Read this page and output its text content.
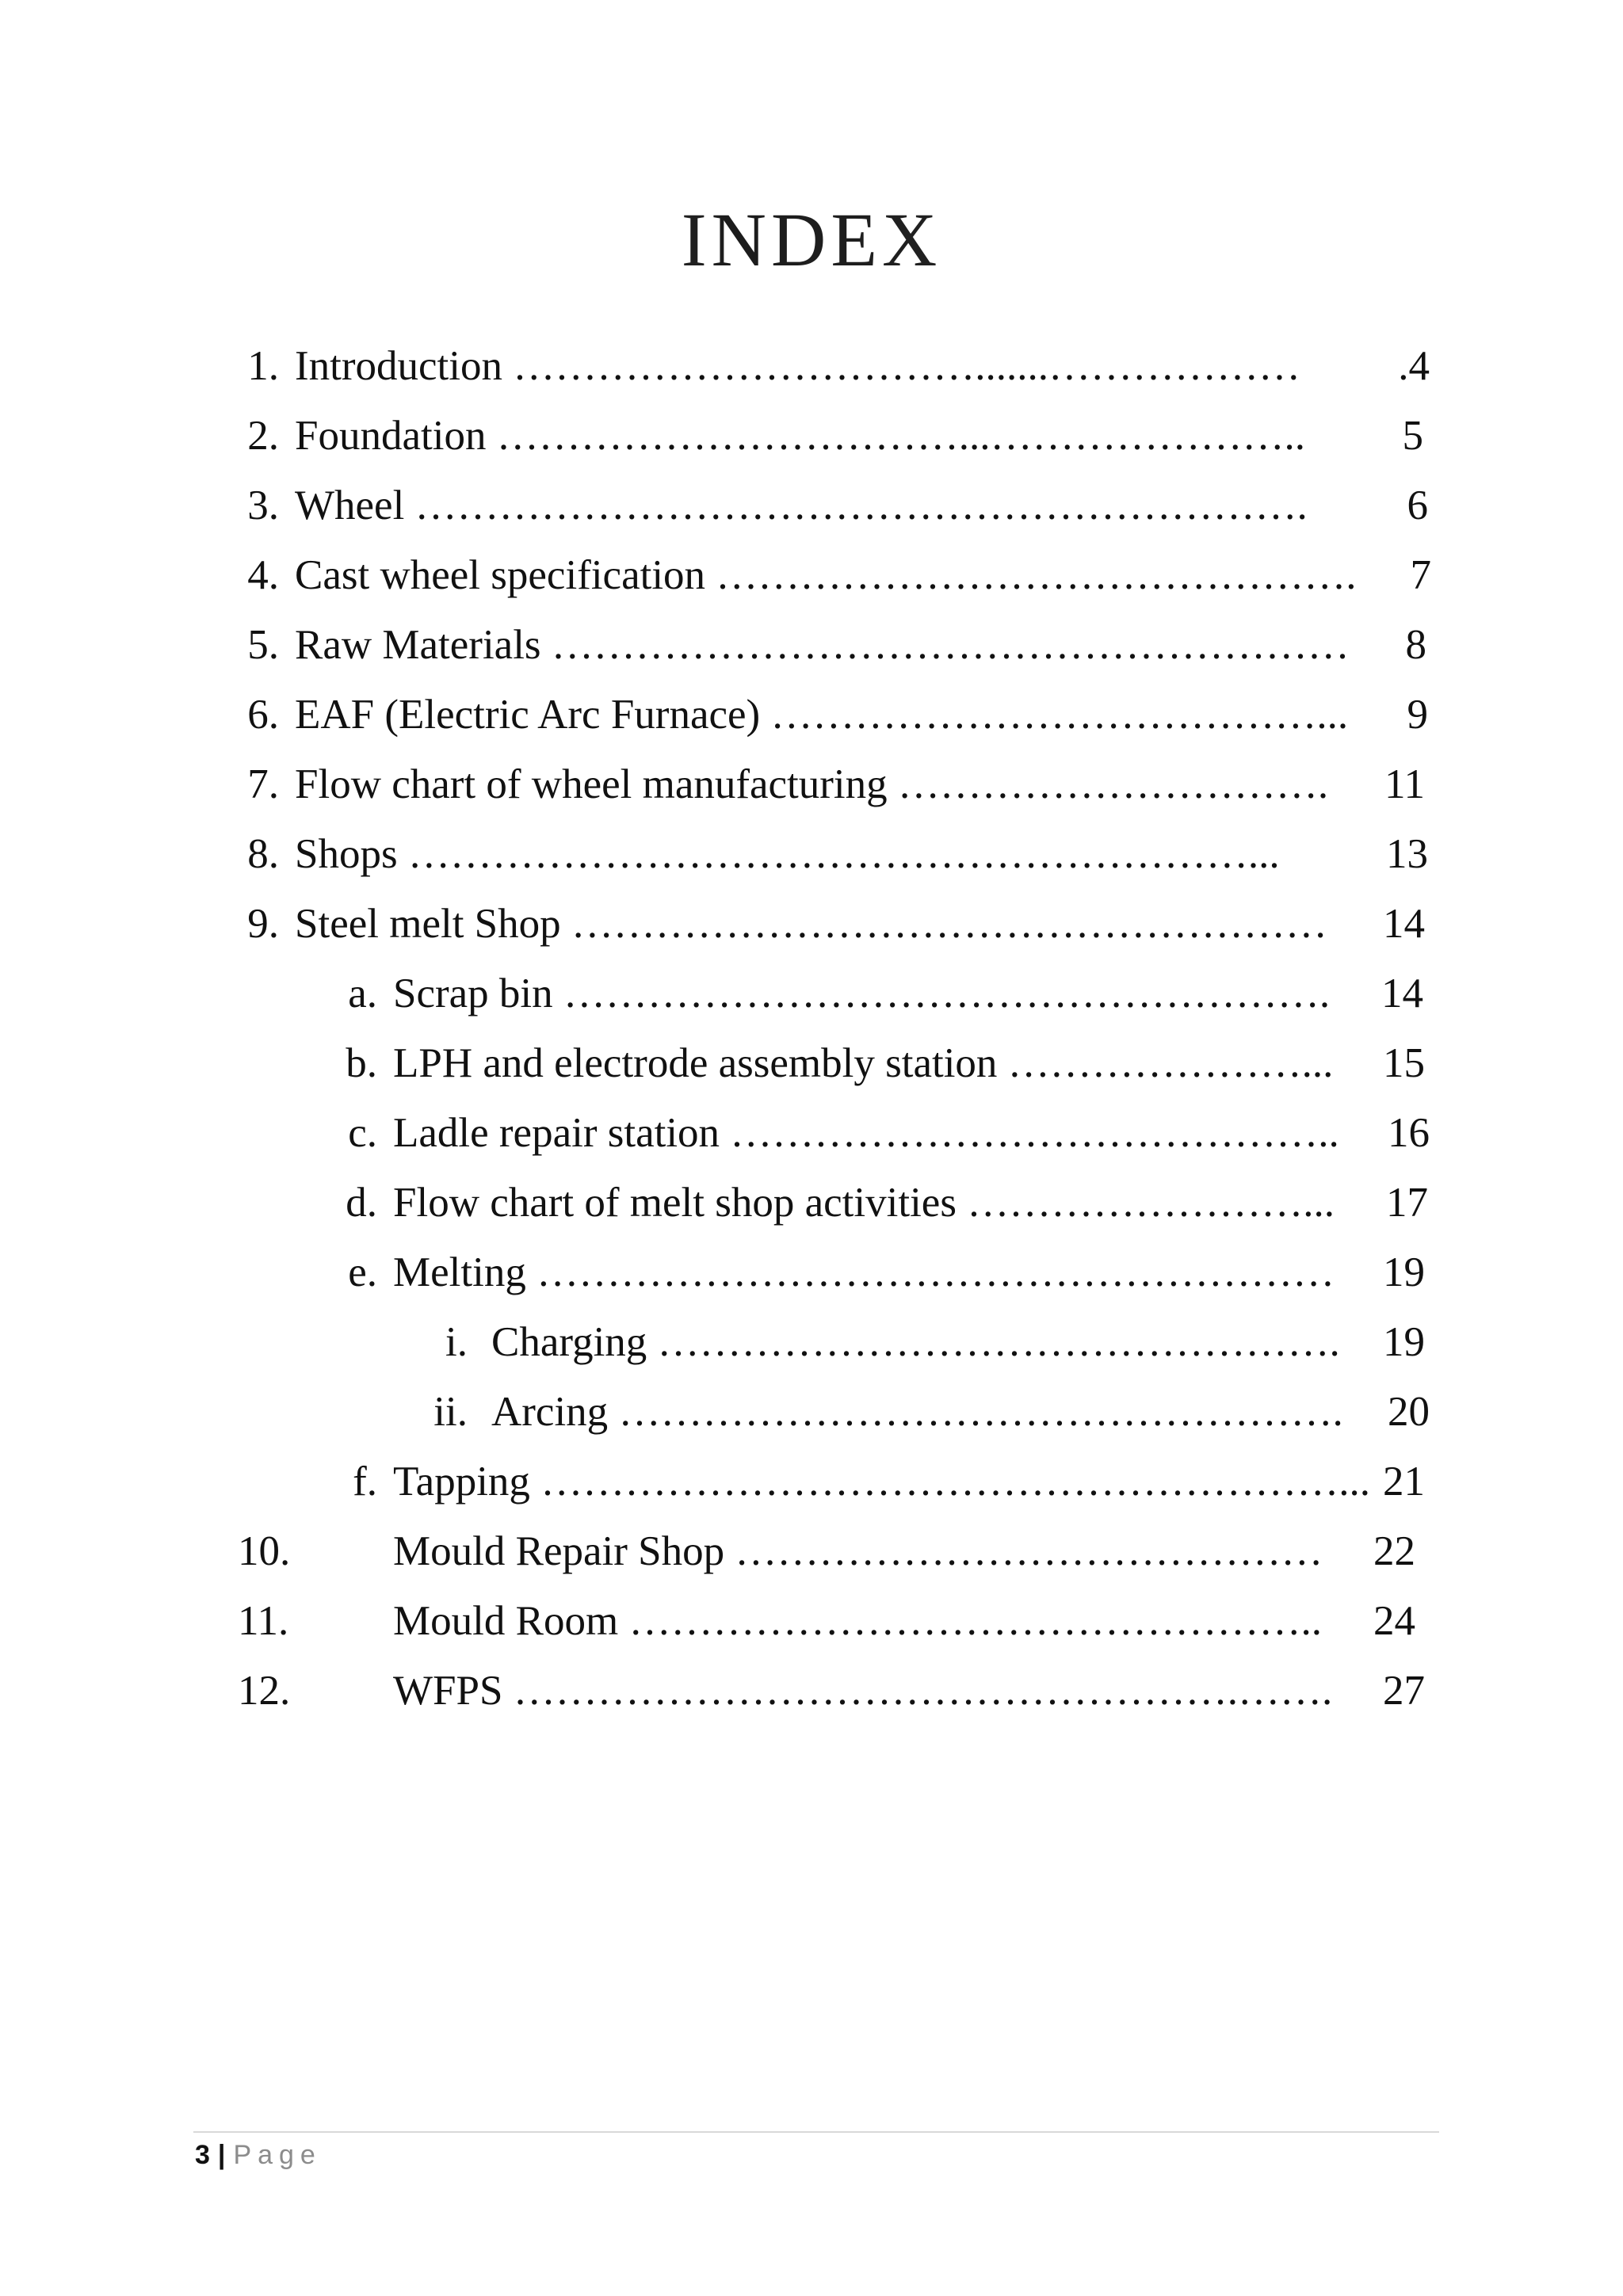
INDEX
1. Introduction …………………………….......……………… .4
2. Foundation ……………………………...………………….. 5
3. Wheel ………………………………………………………. 6
4. Cast wheel specification ………………………………………. 7
5. Raw Materials ………………………………………………… 8
6. EAF (Electric Arc Furnace) …………………………………... 9
7. Flow chart of wheel manufacturing …………………………. 11
8. Shops ……………………………………………………...	13
9. Steel melt Shop ……………………………………………… 14
a. Scrap bin ………………………………………………. 14
b. LPH and electrode assembly station …………………... 15
c. Ladle repair station …………………………………….. 16
d. Flow chart of melt shop activities ……………………... 17
e. Melting ………………………………………………… 19
i. Charging …………………………………………. 19
ii. Arcing ……………………………………………. 20
f. Tapping …………………………………………………... 21
10. Mould Repair Shop …………………………………… 22
11. Mould Room ………………………………………….. 24
12. WFPS …………………………………………….……. 27
3 | Page
